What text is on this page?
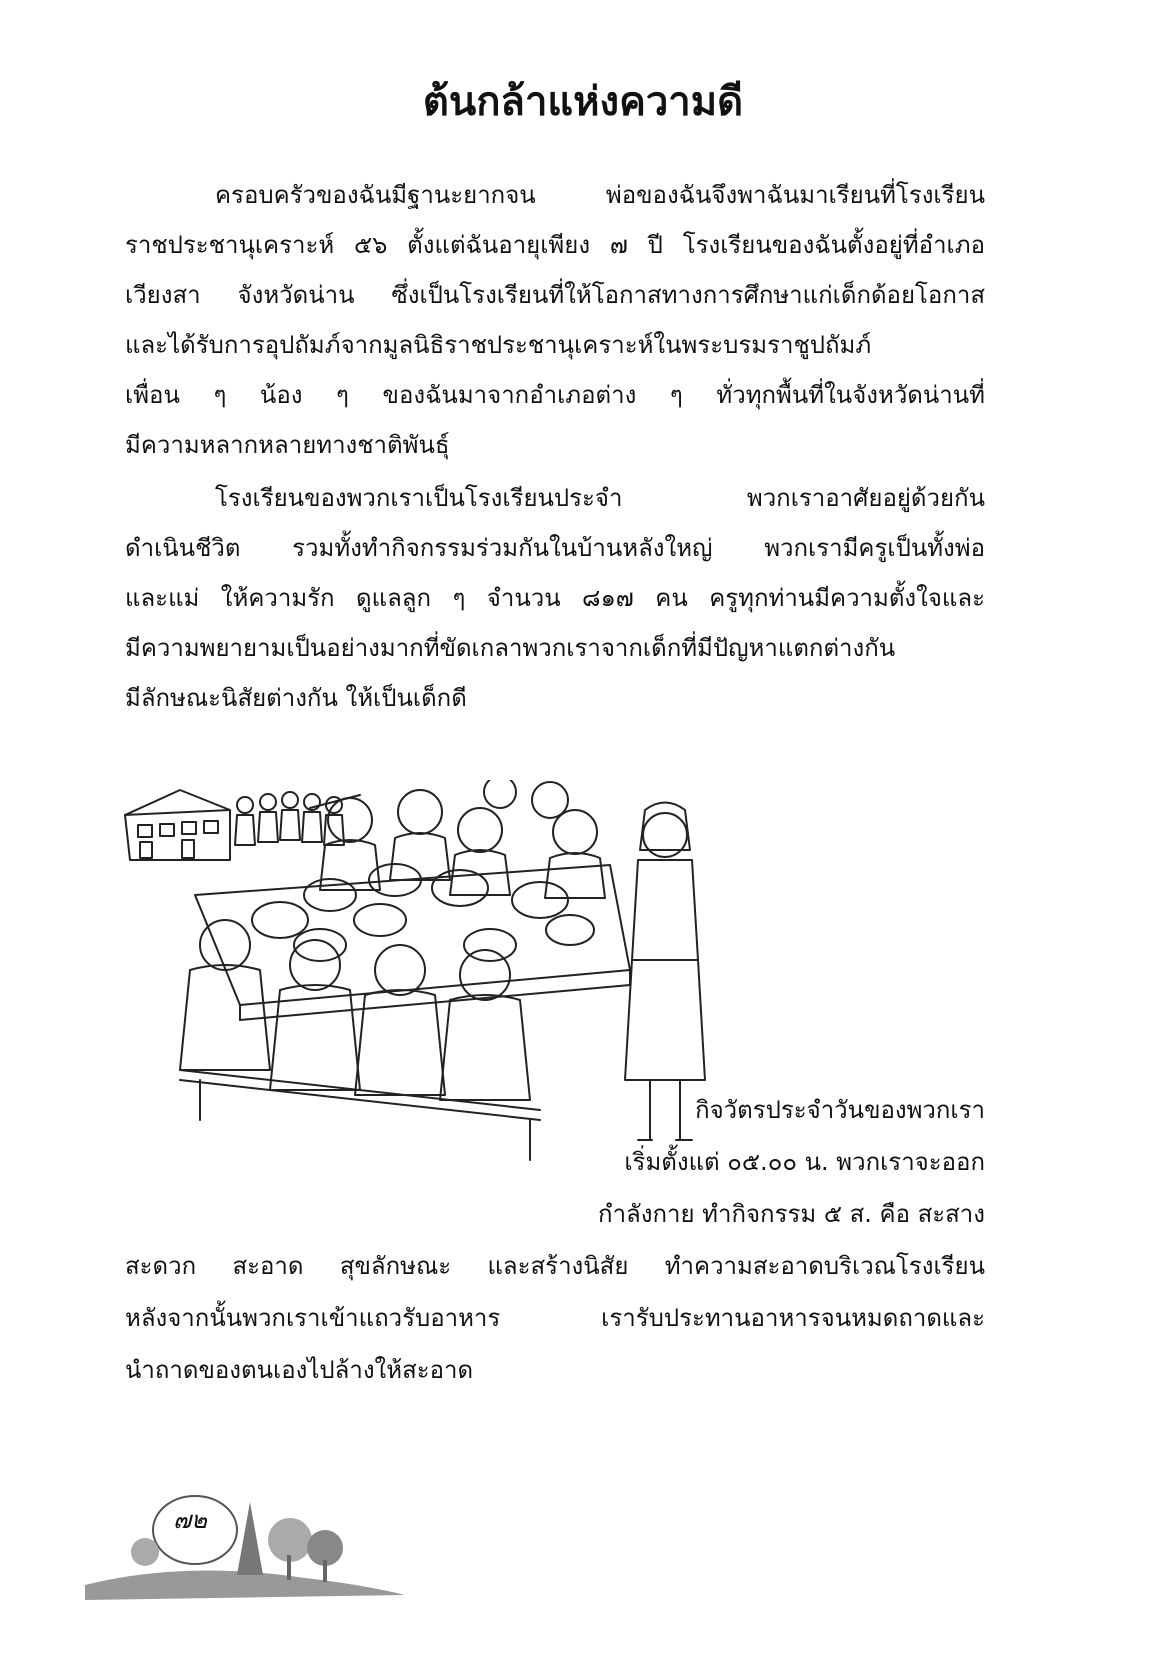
ต้นกล้าแห่งความดี
ครอบครัวของฉันมีฐานะยากจน พ่อของฉันจึงพาฉันมาเรียนที่โรงเรียน
ราชประชานุเคราะห์ ๕๖ ตั้งแต่ฉันอายุเพียง ๗ ปี โรงเรียนของฉันตั้งอยู่ที่อำเภอ
เวียงสา จังหวัดน่าน ซึ่งเป็นโรงเรียนที่ให้โอกาสทางการศึกษาแก่เด็กด้อยโอกาส
และได้รับการอุปถัมภ์จากมูลนิธิราชประชานุเคราะห์ในพระบรมราชูปถัมภ์
เพื่อน ๆ น้อง ๆ ของฉันมาจากอำเภอต่าง ๆ ทั่วทุกพื้นที่ในจังหวัดน่านที่
มีความหลากหลายทางชาติพันธุ์
โรงเรียนของพวกเราเป็นโรงเรียนประจำ พวกเราอาศัยอยู่ด้วยกัน
ดำเนินชีวิต รวมทั้งทำกิจกรรมร่วมกันในบ้านหลังใหญ่ พวกเรามีครูเป็นทั้งพ่อ
และแม่ ให้ความรัก ดูแลลูก ๆ จำนวน ๘๑๗ คน ครูทุกท่านมีความตั้งใจและ
มีความพยายามเป็นอย่างมากที่ขัดเกลาพวกเราจากเด็กที่มีปัญหาแตกต่างกัน
มีลักษณะนิสัยต่างกัน ให้เป็นเด็กดี
กิจวัตรประจำวันของพวกเรา
เริ่มตั้งแต่ ๐๕.๐๐ น. พวกเราจะออก
กำลังกาย ทำกิจกรรม ๕ ส. คือ สะสาง
สะดวก สะอาด สุขลักษณะ และสร้างนิสัย ทำความสะอาดบริเวณโรงเรียน
หลังจากนั้นพวกเราเข้าแถวรับอาหาร เรารับประทานอาหารจนหมดถาดและ
นำถาดของตนเองไปล้างให้สะอาด
๗๒
